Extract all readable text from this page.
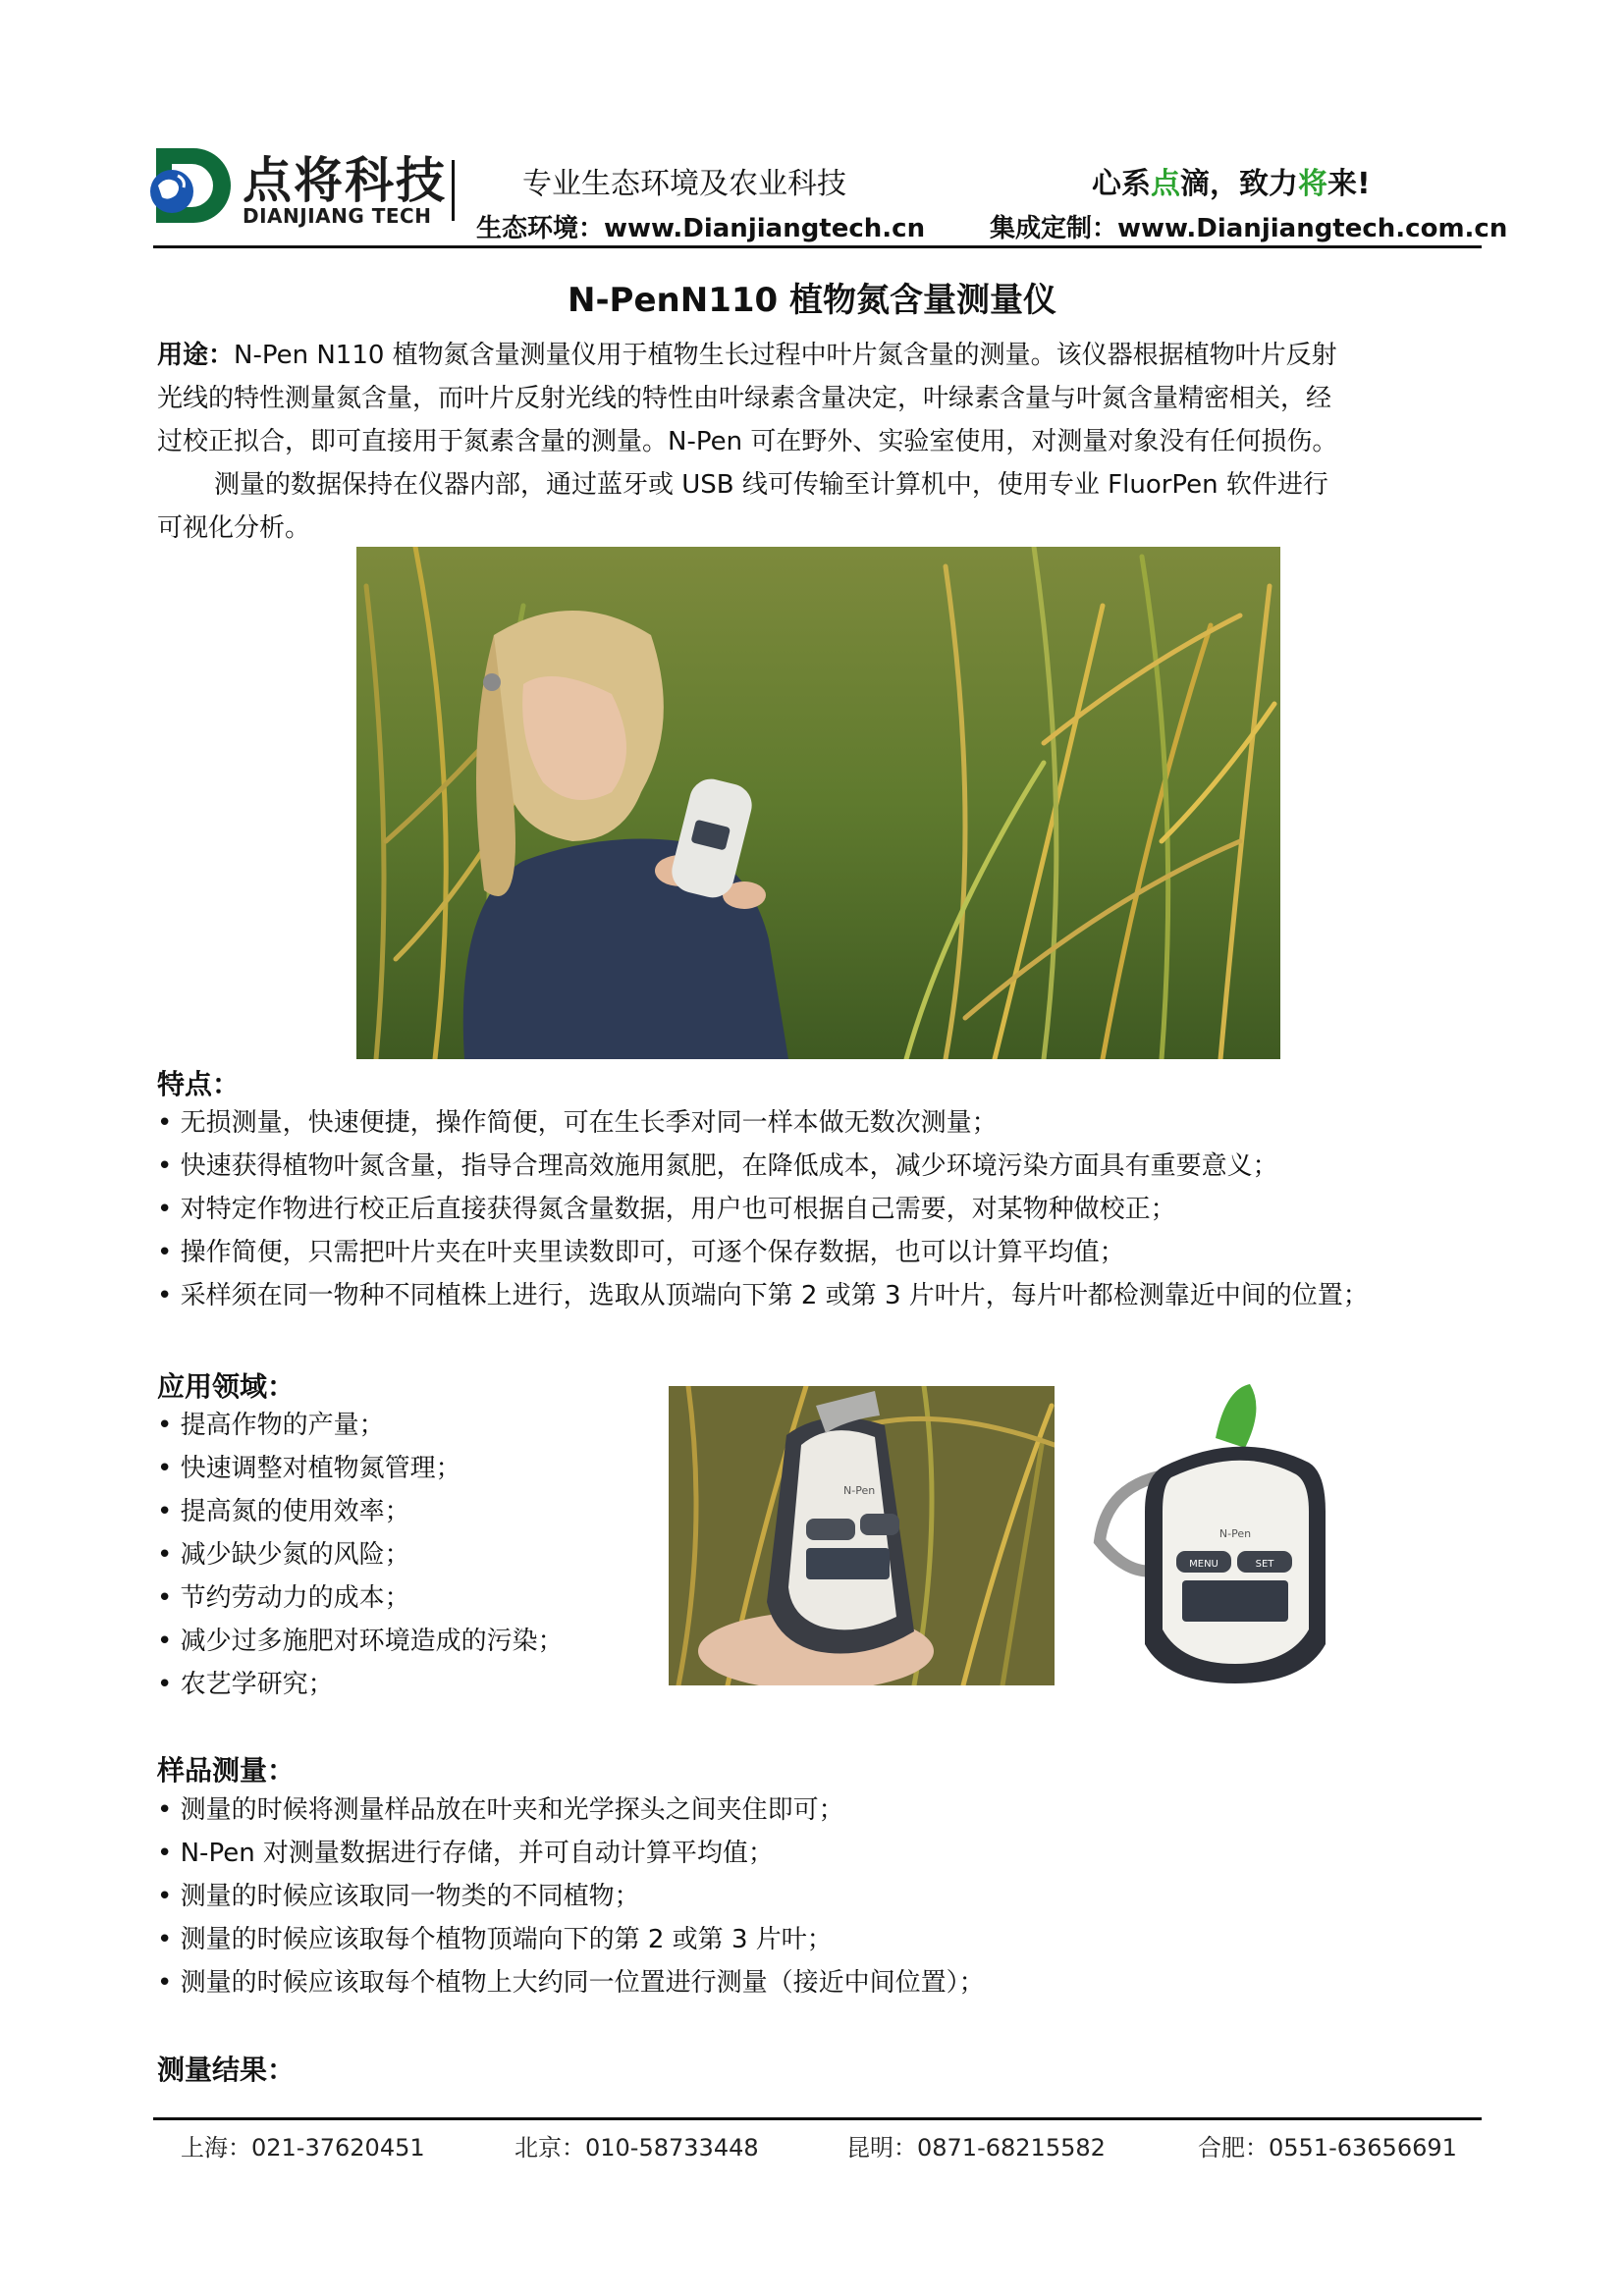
点将科技
DIANJIANG TECH
专业生态环境及农业科技	心系点滴，致力将来!
生态环境：www.Dianjiangtech.cn	集成定制：www.Dianjiangtech.com.cn
N-PenN110 植物氮含量测量仪
用途：N-Pen N110 植物氮含量测量仪用于植物生长过程中叶片氮含量的测量。该仪器根据植物叶片反射
光线的特性测量氮含量，而叶片反射光线的特性由叶绿素含量决定，叶绿素含量与叶氮含量精密相关，经
过校正拟合，即可直接用于氮素含量的测量。N-Pen 可在野外、实验室使用，对测量对象没有任何损伤。
测量的数据保持在仪器内部，通过蓝牙或 USB 线可传输至计算机中，使用专业 FluorPen 软件进行
可视化分析。
特点：
• 无损测量，快速便捷，操作简便，可在生长季对同一样本做无数次测量；
• 快速获得植物叶氮含量，指导合理高效施用氮肥，在降低成本，减少环境污染方面具有重要意义；
• 对特定作物进行校正后直接获得氮含量数据，用户也可根据自己需要，对某物种做校正；
• 操作简便，只需把叶片夹在叶夹里读数即可，可逐个保存数据，也可以计算平均值；
• 采样须在同一物种不同植株上进行，选取从顶端向下第 2 或第 3 片叶片，每片叶都检测靠近中间的位置；
应用领域：
• 提高作物的产量；
• 快速调整对植物氮管理；
• 提高氮的使用效率；
• 减少缺少氮的风险；
• 节约劳动力的成本；
• 减少过多施肥对环境造成的污染；
• 农艺学研究；
N-Pen
MENU	SET
N-Pen
样品测量：
• 测量的时候将测量样品放在叶夹和光学探头之间夹住即可；
• N-Pen 对测量数据进行存储，并可自动计算平均值；
• 测量的时候应该取同一物类的不同植物；
• 测量的时候应该取每个植物顶端向下的第 2 或第 3 片叶；
• 测量的时候应该取每个植物上大约同一位置进行测量（接近中间位置）；
测量结果：
上海：021-37620451	北京：010-58733448	昆明：0871-68215582	合肥：0551-63656691
